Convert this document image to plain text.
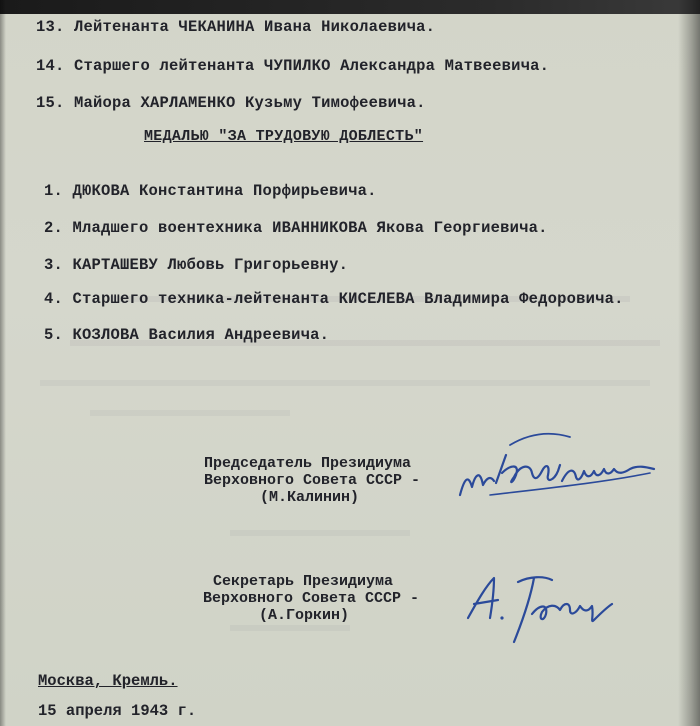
13. Лейтенанта ЧЕКАНИНА Ивана Николаевича.
14. Старшего лейтенанта ЧУПИЛКО Александра Матвеевича.
15. Майора ХАРЛАМЕНКО Кузьму Тимофеевича.
МЕДАЛЬЮ "ЗА ТРУДОВУЮ ДОБЛЕСТЬ"
1. ДЮКОВА Константина Порфирьевича.
2. Младшего воентехника ИВАННИКОВА Якова Георгиевича.
3. КАРТАШЕВУ Любовь Григорьевну.
4. Старшего техника-лейтенанта КИСЕЛЕВА Владимира Федоровича.
5. КОЗЛОВА Василия Андреевича.
Председатель Президиума
Верховного Совета СССР -
(М.Калинин)
Секретарь Президиума
Верховного Совета СССР -
(А.Горкин)
Москва, Кремль.
15 апреля 1943 г.
